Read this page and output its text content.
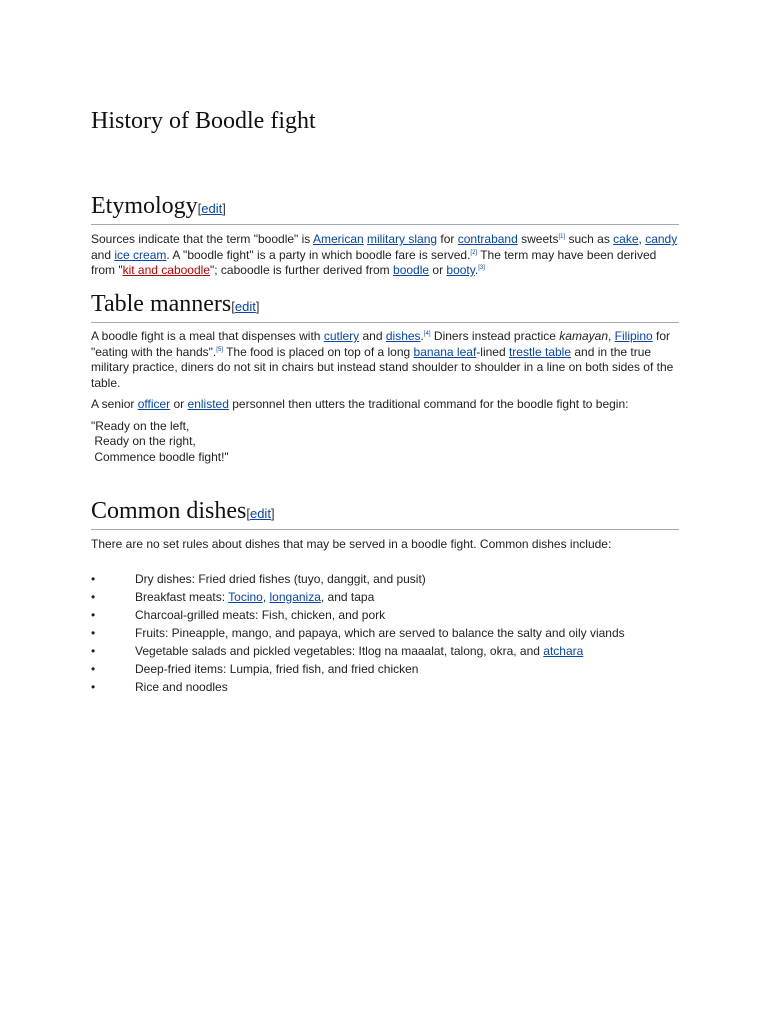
History of Boodle fight
Etymology[edit]

Sources indicate that the term "boodle" is American military slang for contraband sweets[1] such as cake, candy and ice cream. A "boodle fight" is a party in which boodle fare is served.[2] The term may have been derived from "kit and caboodle"; caboodle is further derived from boodle or booty.[3]

Table manners[edit]

A boodle fight is a meal that dispenses with cutlery and dishes.[4] Diners instead practice kamayan, Filipino for "eating with the hands".[5] The food is placed on top of a long banana leaf-lined trestle table and in the true military practice, diners do not sit in chairs but instead stand shoulder to shoulder in a line on both sides of the table.

A senior officer or enlisted personnel then utters the traditional command for the boodle fight to begin:

"Ready on the left,
Ready on the right,
Commence boodle fight!"
Common dishes[edit]

There are no set rules about dishes that may be served in a boodle fight. Common dishes include:

•	Dry dishes: Fried dried fishes (tuyo, danggit, and pusit)
•	Breakfast meats: Tocino, longaniza, and tapa
•	Charcoal-grilled meats: Fish, chicken, and pork
•	Fruits: Pineapple, mango, and papaya, which are served to balance the salty and oily viands
•	Vegetable salads and pickled vegetables: Itlog na maaalat, talong, okra, and atchara
•	Deep-fried items: Lumpia, fried fish, and fried chicken
•	Rice and noodles
